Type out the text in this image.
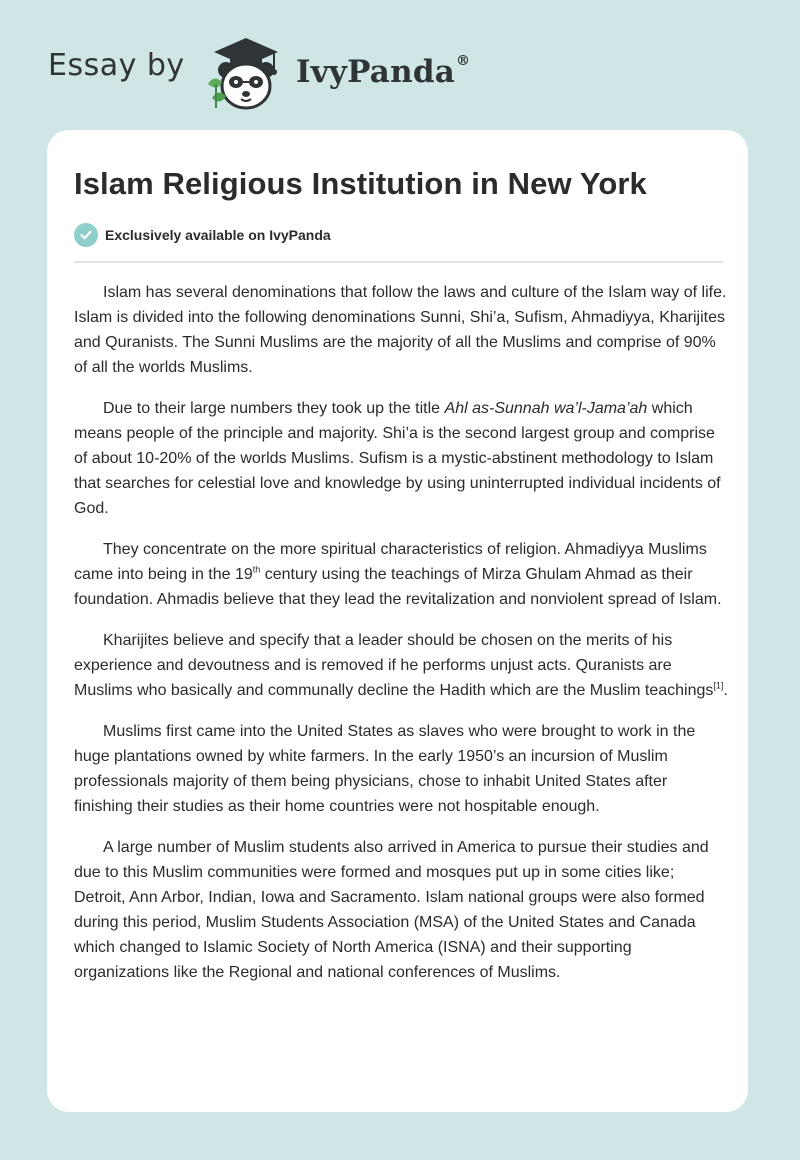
Essay by	IvyPanda®
Islam Religious Institution in New York
Exclusively available on IvyPanda

Islam has several denominations that follow the laws and culture of the Islam way of life. Islam is divided into the following denominations Sunni, Shi’a, Sufism, Ahmadiyya, Kharijites and Quranists. The Sunni Muslims are the majority of all the Muslims and comprise of 90% of all the worlds Muslims.

Due to their large numbers they took up the title Ahl as-Sunnah wa’l-Jama’ah which means people of the principle and majority. Shi’a is the second largest group and comprise of about 10-20% of the worlds Muslims. Sufism is a mystic-abstinent methodology to Islam that searches for celestial love and knowledge by using uninterrupted individual incidents of God.

They concentrate on the more spiritual characteristics of religion. Ahmadiyya Muslims came into being in the 19th century using the teachings of Mirza Ghulam Ahmad as their foundation. Ahmadis believe that they lead the revitalization and nonviolent spread of Islam.

Kharijites believe and specify that a leader should be chosen on the merits of his experience and devoutness and is removed if he performs unjust acts. Quranists are Muslims who basically and communally decline the Hadith which are the Muslim teachings[1].

Muslims first came into the United States as slaves who were brought to work in the huge plantations owned by white farmers. In the early 1950’s an incursion of Muslim professionals majority of them being physicians, chose to inhabit United States after finishing their studies as their home countries were not hospitable enough.

A large number of Muslim students also arrived in America to pursue their studies and due to this Muslim communities were formed and mosques put up in some cities like; Detroit, Ann Arbor, Indian, Iowa and Sacramento. Islam national groups were also formed during this period, Muslim Students Association (MSA) of the United States and Canada which changed to Islamic Society of North America (ISNA) and their supporting organizations like the Regional and national conferences of Muslims.
